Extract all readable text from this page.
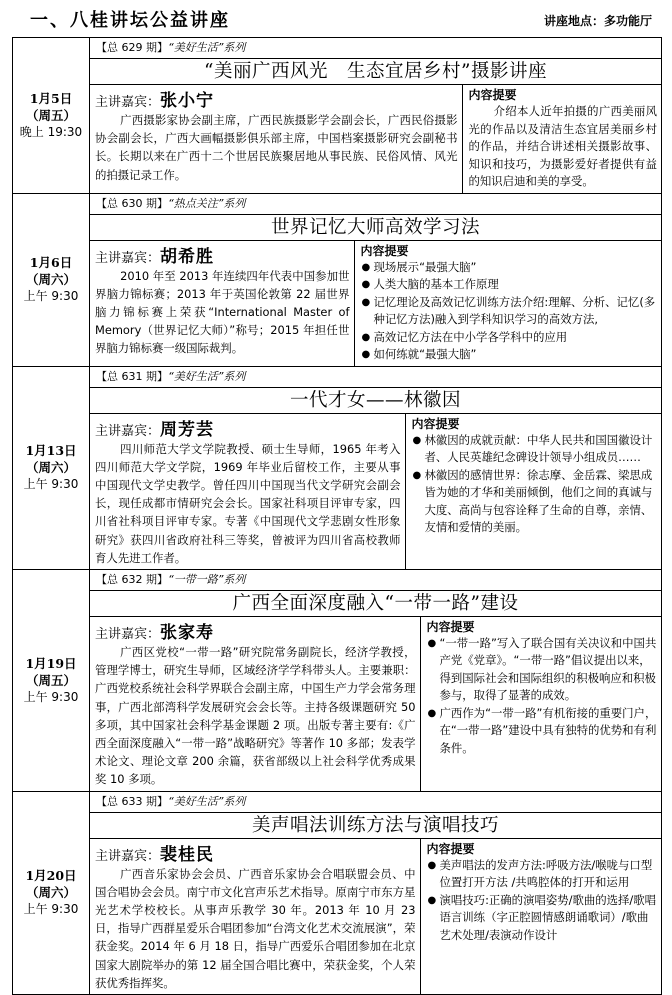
一、八桂讲坛公益讲座	讲座地点：多功能厅
1月5日
（周五）
晚上 19:30
	【总 629 期】“美好生活”系列
“美丽广西风光　生态宜居乡村”摄影讲座

主讲嘉宾：张小宁

广西摄影家协会副主席，广西民族摄影学会副会长，广西民俗摄影协会副会长，广西大画幅摄影俱乐部主席，中国档案摄影研究会副秘书长。长期以来在广西十二个世居民族聚居地从事民族、民俗风情、风光的拍摄记录工作。

内容提要

介绍本人近年拍摄的广西美丽风光的作品以及清洁生态宜居美丽乡村的作品，并结合讲述相关摄影故事、知识和技巧，为摄影爱好者提供有益的知识启迪和美的享受。

1月6日
（周六）
上午 9:30
	【总 630 期】“热点关注”系列
世界记忆大师高效学习法

主讲嘉宾：胡希胜

2010 年至 2013 年连续四年代表中国参加世界脑力锦标赛；2013 年于英国伦敦第 22 届世界脑力锦标赛上荣获“International Master of Memory（世界记忆大师）”称号；2015 年担任世界脑力锦标赛一级国际裁判。

内容提要
● 现场展示“最强大脑”
● 人类大脑的基本工作原理
● 记忆理论及高效记忆训练方法介绍:理解、分析、记忆(多种记忆方法)融入到学科知识学习的高效方法,
● 高效记忆方法在中小学各学科中的应用
● 如何练就“最强大脑”

1月13日
（周六）
上午 9:30
	【总 631 期】“美好生活”系列
一代才女——林徽因

主讲嘉宾：周芳芸

四川师范大学文学院教授、硕士生导师，1965 年考入四川师范大学文学院，1969 年毕业后留校工作，主要从事中国现代文学史教学。曾任四川中国现当代文学研究会副会长，现任成都市情研究会会长。国家社科项目评审专家，四川省社科项目评审专家。专著《中国现代文学悲剧女性形象研究》获四川省政府社科三等奖，曾被评为四川省高校教师育人先进工作者。

内容提要
● 林徽因的成就贡献：中华人民共和国国徽设计者、人民英雄纪念碑设计领导小组成员……
● 林徽因的感情世界：徐志摩、金岳霖、梁思成皆为她的才华和美丽倾倒，他们之间的真诚与大度、高尚与包容诠释了生命的自尊，亲情、友情和爱情的美丽。

1月19日
（周五）
上午 9:30
	【总 632 期】“一带一路”系列
广西全面深度融入“一带一路”建设

主讲嘉宾：张家寿

广西区党校“一带一路”研究院常务副院长，经济学教授，管理学博士，研究生导师，区域经济学学科带头人。主要兼职：广西党校系统社会科学界联合会副主席，中国生产力学会常务理事，广西北部湾科学发展研究会会长等。主持各级课题研究 50 多项，其中国家社会科学基金课题 2 项。出版专著主要有:《广西全面深度融入“一带一路”战略研究》等著作 10 多部；发表学术论文、理论文章 200 余篇，获省部级以上社会科学优秀成果奖 10 多项。

内容提要
● “一带一路”写入了联合国有关决议和中国共产党《党章》。“一带一路”倡议提出以来，得到国际社会和国际组织的积极响应和积极参与，取得了显著的成效。
● 广西作为“一带一路”有机衔接的重要门户，在“一带一路”建设中具有独特的优势和有利条件。

1月20日
（周六）
上午 9:30
	【总 633 期】“美好生活”系列
美声唱法训练方法与演唱技巧

主讲嘉宾：裴桂民

广西音乐家协会会员、广西音乐家协会合唱联盟会员、中国合唱协会会员。南宁市文化宫声乐艺术指导。原南宁市东方星光艺术学校校长。从事声乐教学 30 年。2013 年 10 月 23 日，指导广西群星爱乐合唱团参加“台湾文化艺术交流展演”，荣获金奖。2014 年 6 月 18 日，指导广西爱乐合唱团参加在北京国家大剧院举办的第 12 届全国合唱比赛中，荣获金奖，个人荣获优秀指挥奖。

内容提要
● 美声唱法的发声方法:呼吸方法/喉咙与口型位置打开方法 /共鸣腔体的打开和运用
● 演唱技巧:正确的演唱姿势/歌曲的选择/歌唱语言训练（字正腔圆情感朗诵歌词）/歌曲艺术处理/表演动作设计
